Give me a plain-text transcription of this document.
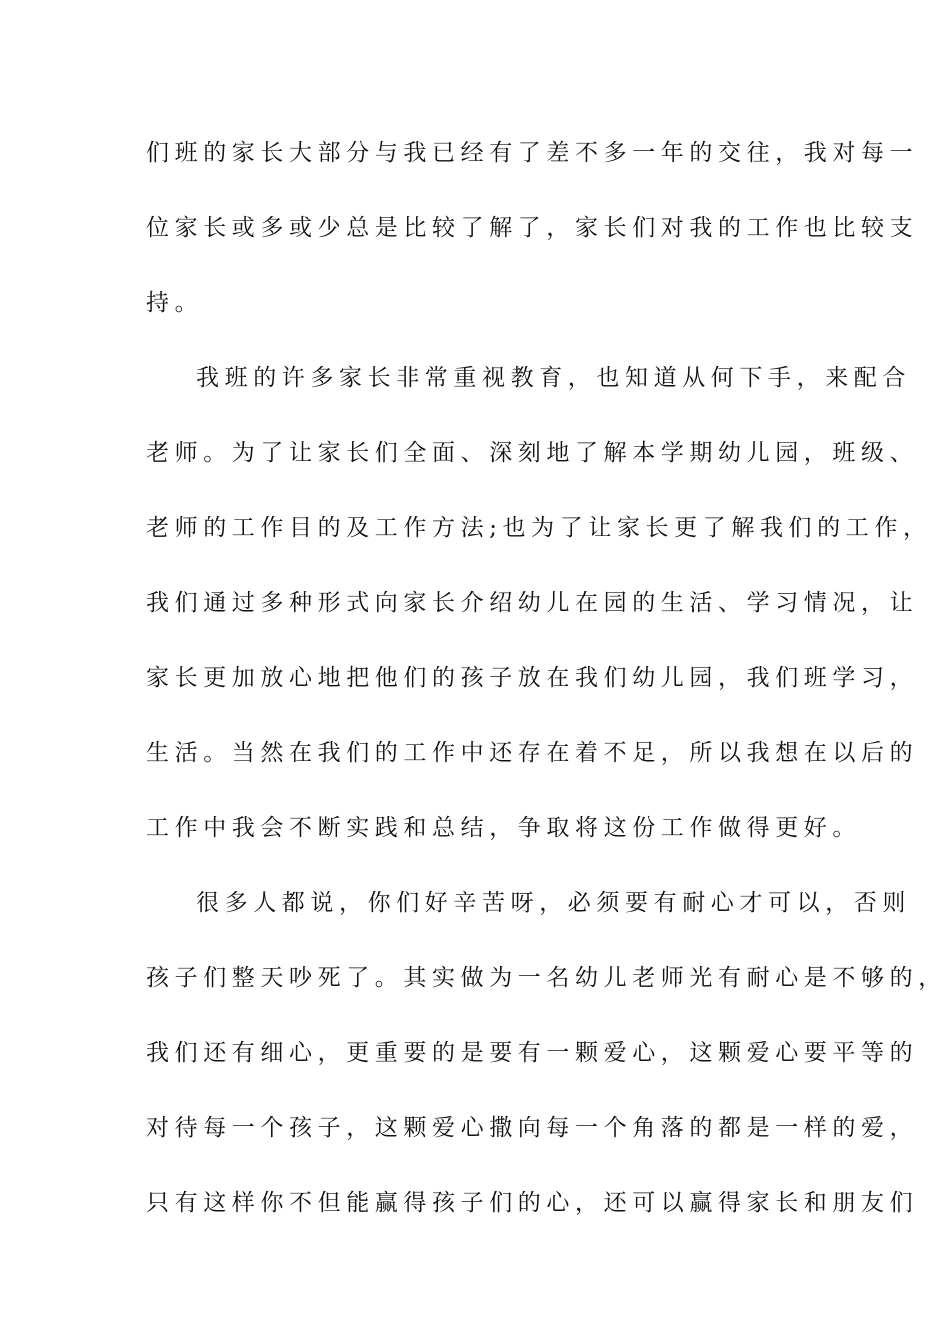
们班的家长大部分与我已经有了差不多一年的交往，我对每一
位家长或多或少总是比较了解了，家长们对我的工作也比较支
持。
我班的许多家长非常重视教育，也知道从何下手，来配合
老师。为了让家长们全面、深刻地了解本学期幼儿园，班级、
老师的工作目的及工作方法;也为了让家长更了解我们的工作，
我们通过多种形式向家长介绍幼儿在园的生活、学习情况，让
家长更加放心地把他们的孩子放在我们幼儿园，我们班学习，
生活。当然在我们的工作中还存在着不足，所以我想在以后的
工作中我会不断实践和总结，争取将这份工作做得更好。
很多人都说，你们好辛苦呀，必须要有耐心才可以，否则
孩子们整天吵死了。其实做为一名幼儿老师光有耐心是不够的，
我们还有细心，更重要的是要有一颗爱心，这颗爱心要平等的
对待每一个孩子，这颗爱心撒向每一个角落的都是一样的爱，
只有这样你不但能赢得孩子们的心，还可以赢得家长和朋友们
